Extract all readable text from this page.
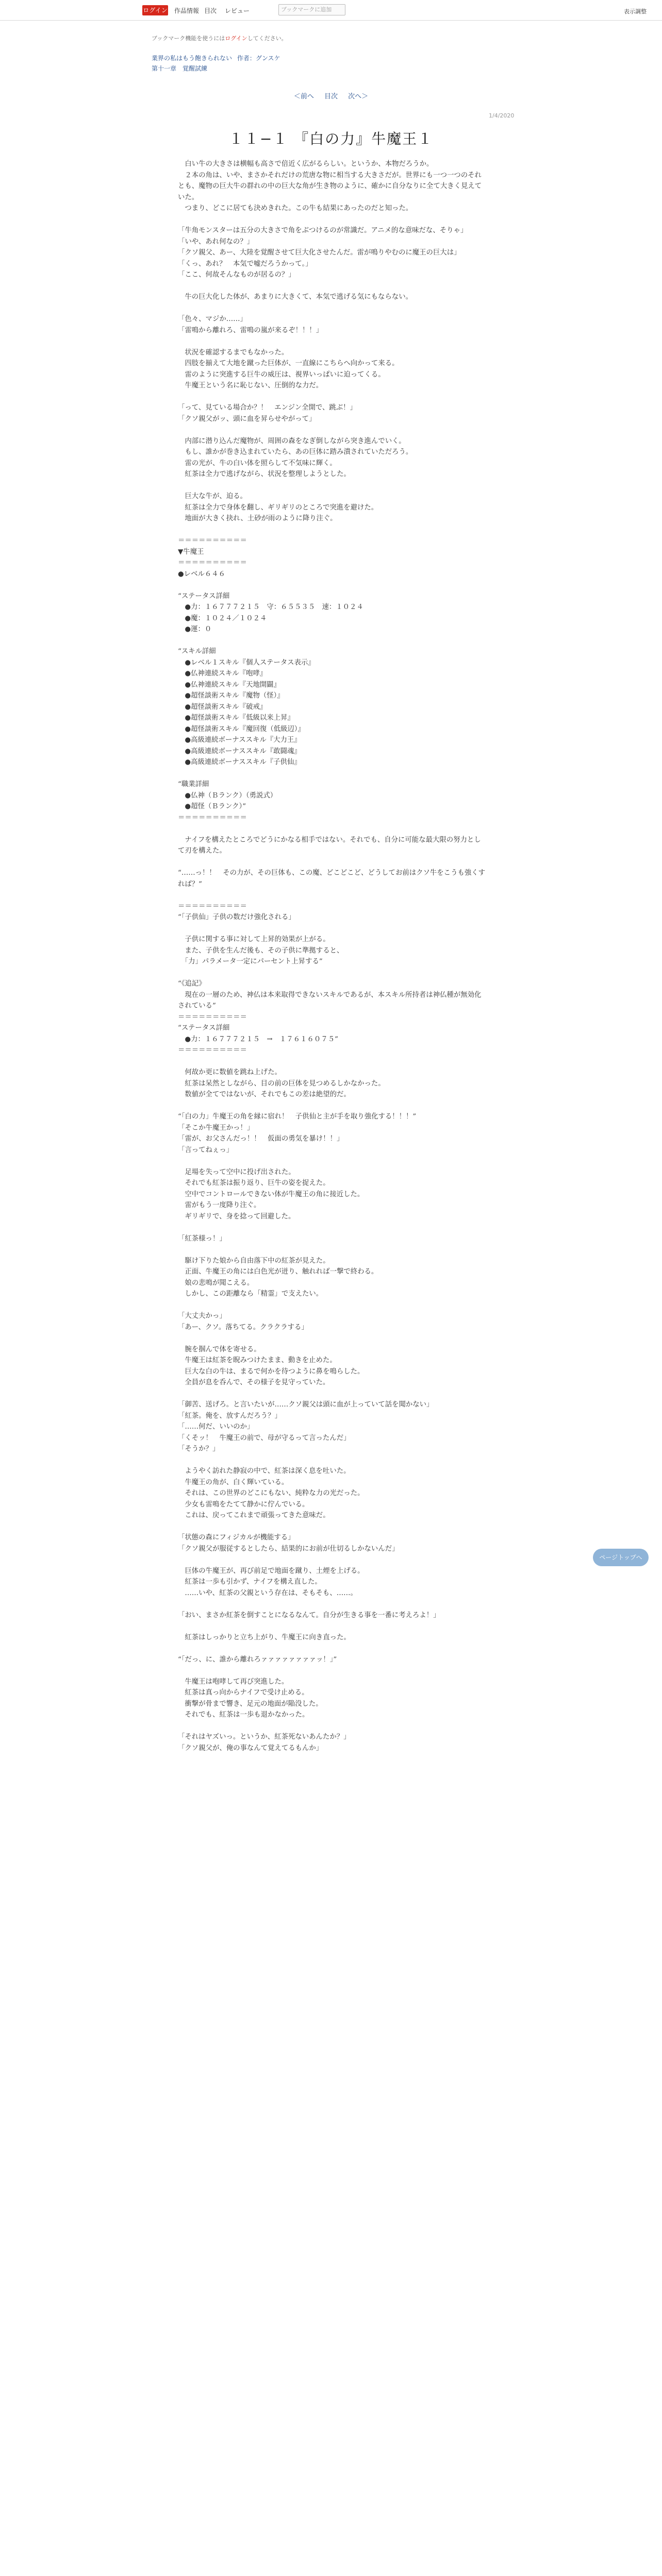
ログイン 作品情報 目次 レビュー	ブックマークに追加	表示調整
ブックマーク機能を使うにはログインしてください。
業界の私はもう飽きられない 作者：グンスケ
第十一章　覚醒試練
＜前へ 目次 次へ＞
1/4/2020
１１−１ 『白の力』牛魔王１

　白い牛の大きさは横幅も高さで倍近く広がるらしい。というか、本物だろうか。

　２本の角は、いや、まさかそれだけの荒唐な物に相当する大きさだが。世界にも一つ一つのそれとも、魔物の巨大牛の群れの中の巨大な角が生き物のように、確かに自分なりに全て大きく見えていた。

　つまり、どこに居ても決めきれた。この牛も結果にあったのだと知った。

「牛角モンスターは五分の大きさで角をぶつけるのが常識だ。アニメ的な意味だな、そりゃ」

「いや、あれ何なの？」

「クソ親父、あー、大陸を覚醒させて巨大化させたんだ。雷が鳴りやむのに魔王の巨大は」

「くっ、あれ？　本気で嘘だろうかって。」

「ここ、何故そんなものが居るの？」

　牛の巨大化した体が、あまりに大きくて、本気で逃げる気にもならない。

「色々、マジか……」

「雷鳴から離れろ、雷鳴の嵐が来るぞ！！！」

　状況を確認するまでもなかった。

　四肢を揃えて大地を蹴った巨体が、一直線にこちらへ向かって来る。

　雷のように突進する巨牛の威圧は、視界いっぱいに迫ってくる。

　牛魔王という名に恥じない、圧倒的な力だ。

「って、見ている場合か？！　エンジン全開で、跳ぶ！」

「クソ親父がッ、頭に血を昇らせやがって」

　内部に潜り込んだ魔物が、周囲の森をなぎ倒しながら突き進んでいく。

　もし、誰かが巻き込まれていたら、あの巨体に踏み潰されていただろう。

　雷の光が、牛の白い体を照らして不気味に輝く。

　紅茶は全力で逃げながら、状況を整理しようとした。

　巨大な牛が、迫る。

　紅茶は全力で身体を翻し、ギリギリのところで突進を避けた。

　地面が大きく抉れ、土砂が雨のように降り注ぐ。

＝＝＝＝＝＝＝＝＝＝

▼牛魔王

＝＝＝＝＝＝＝＝＝＝

●レベル６４６

“ステータス詳細

　●力：１６７７７２１５　守：６５５３５　速：１０２４

　●魔：１０２４／１０２４

　●運：０

“スキル詳細

　●レベル１スキル『個人ステータス表示』

　●仏神連続スキル『咆哮』

　●仏神連続スキル『天地開闢』

　●超怪談術スキル『魔物（怪）』

　●超怪談術スキル『破戒』

　●超怪談術スキル『低級以来上昇』

　●超怪談術スキル『魔回復（低級辺）』

　●高級連続ボーナススキル『大力王』

　●高級連続ボーナススキル『敢闘魂』

　●高級連続ボーナススキル『子供仙』

“職業詳細

　●仏神（Ｂランク）（勇説式）

　●超怪（Ｂランク）”

＝＝＝＝＝＝＝＝＝＝

　ナイフを構えたところでどうにかなる相手ではない。それでも、自分に可能な最大限の努力として刃を構えた。

“……っ！！　その力が、その巨体も、この魔、どこどこど、どうしてお前はクソ牛をこうも強くすれば？”

＝＝＝＝＝＝＝＝＝＝

“「子供仙」子供の数だけ強化される」

　子供に関する事に対して上昇的効果が上がる。

　また、子供を生んだ後も、その子供に準拠すると、

　「力」パラメータ一定にパーセント上昇する”

“《追記》

　現在の一層のため、神仏は本来取得できないスキルであるが、本スキル所持者は神仏種が無効化されている”

＝＝＝＝＝＝＝＝＝＝

“ステータス詳細

　●力：１６７７７２１５　→　１７６１６０７５”

＝＝＝＝＝＝＝＝＝＝

　何故か更に数値を跳ね上げた。

　紅茶は呆然としながら、目の前の巨体を見つめるしかなかった。

　数値が全てではないが、それでもこの差は絶望的だ。

“「白の力」牛魔王の角を縁に宿れ！　子供仙と主が手を取り強化する！！！”

「そこか牛魔王かっ！」

「雷が、お父さんだっ！！　仮面の勇気を暴け！！」

「言ってねぇっ」

　足場を失って空中に投げ出された。

　それでも紅茶は振り返り、巨牛の姿を捉えた。

　空中でコントロールできない体が牛魔王の角に接近した。

　雷がもう一度降り注ぐ。

　ギリギリで、身を捻って回避した。

「紅茶様っ！」

　駆け下りた娘から自由落下中の紅茶が見えた。

　正面、牛魔王の角には白色光が迸り、触れれば一撃で終わる。

　娘の悲鳴が聞こえる。

　しかし、この距離なら「精霊」で支えたい。

「大丈夫かっ」

「あー、クソ。落ちてる。クラクラする」

　腕を掴んで体を寄せる。

　牛魔王は紅茶を睨みつけたまま、動きを止めた。

　巨大な白の牛は、まるで何かを待つように鼻を鳴らした。

　全員が息を呑んで、その様子を見守っていた。

「御苦、送げろ。と言いたいが……クソ親父は頭に血が上っていて話を聞かない」

「紅茶。俺を、放すんだろう？」

「……何だ、いいのか」

「くそッ！　牛魔王の前で、母が守るって言ったんだ」

「そうか？」

　ようやく訪れた静寂の中で、紅茶は深く息を吐いた。

　牛魔王の角が、白く輝いている。

　それは、この世界のどこにもない、純粋な力の光だった。

　少女も雷鳴をたてて静かに佇んでいる。

　これは、戻ってこれまで頑張ってきた意味だ。

「状態の森にフィジカルが機能する」

「クソ親父が服従するとしたら、結果的にお前が仕切るしかないんだ」

　巨体の牛魔王が、再び前足で地面を蹴り、土煙を上げる。

　紅茶は一歩も引かず、ナイフを構え直した。

　……いや、紅茶の父親という存在は、そもそも、……。

「おい、まさか紅茶を倒すことになるなんて。自分が生きる事を一番に考えろよ！」

　紅茶はしっかりと立ち上がり、牛魔王に向き直った。

“「だっ、に、誰から離れろァァァァァァァァッ！」”

　牛魔王は咆哮して再び突進した。

　紅茶は真っ向からナイフで受け止める。

　衝撃が骨まで響き、足元の地面が陥没した。

　それでも、紅茶は一歩も退かなかった。

「それはヤズいっ。というか、紅茶死ないあんたか？」

「クソ親父が、俺の事なんて覚えてるもんか」

ページトップへ
